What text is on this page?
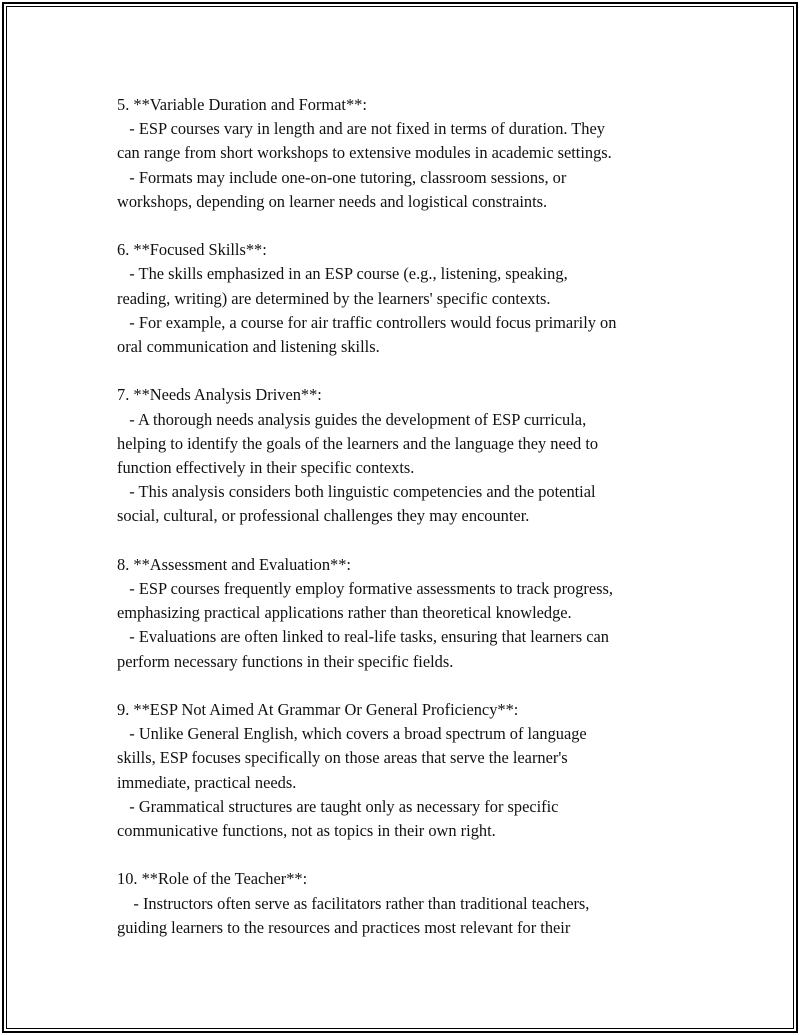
5. **Variable Duration and Format**:

- ESP courses vary in length and are not fixed in terms of duration. They

can range from short workshops to extensive modules in academic settings.

- Formats may include one-on-one tutoring, classroom sessions, or

workshops, depending on learner needs and logistical constraints.

6. **Focused Skills**:

- The skills emphasized in an ESP course (e.g., listening, speaking,

reading, writing) are determined by the learners' specific contexts.

- For example, a course for air traffic controllers would focus primarily on

oral communication and listening skills.

7. **Needs Analysis Driven**:

- A thorough needs analysis guides the development of ESP curricula,

helping to identify the goals of the learners and the language they need to

function effectively in their specific contexts.

- This analysis considers both linguistic competencies and the potential

social, cultural, or professional challenges they may encounter.

8. **Assessment and Evaluation**:

- ESP courses frequently employ formative assessments to track progress,

emphasizing practical applications rather than theoretical knowledge.

- Evaluations are often linked to real-life tasks, ensuring that learners can

perform necessary functions in their specific fields.

9. **ESP Not Aimed At Grammar Or General Proficiency**:

- Unlike General English, which covers a broad spectrum of language

skills, ESP focuses specifically on those areas that serve the learner's

immediate, practical needs.

- Grammatical structures are taught only as necessary for specific

communicative functions, not as topics in their own right.

10. **Role of the Teacher**:

- Instructors often serve as facilitators rather than traditional teachers,

guiding learners to the resources and practices most relevant for their
